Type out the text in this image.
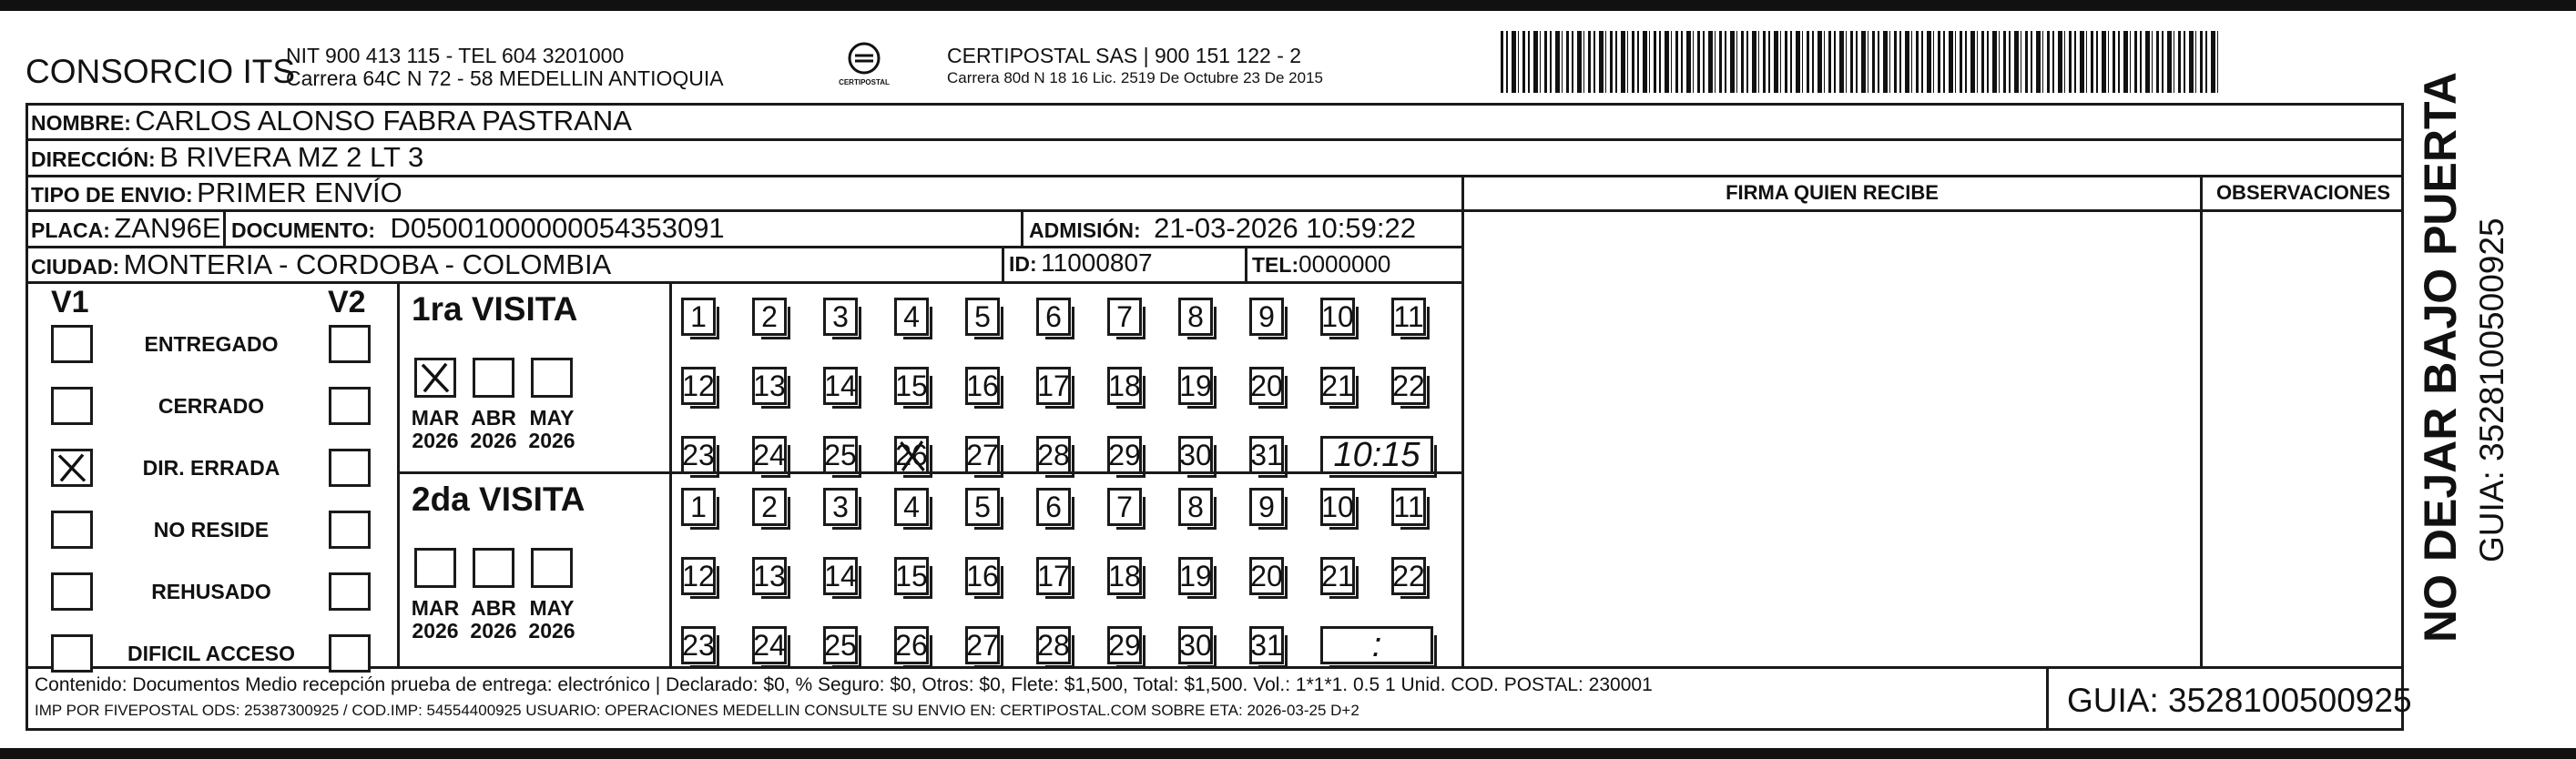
CONSORCIO ITS
NIT 900 413 115 - TEL 604 3201000
Carrera 64C N 72 - 58 MEDELLIN ANTIOQUIA	CERTIPOSTAL
CERTIPOSTAL SAS | 900 151 122 - 2
Carrera 80d N 18 16 Lic. 2519 De Octubre 23 De 2015
NOMBRE: CARLOS ALONSO FABRA PASTRANA
DIRECCIÓN: B RIVERA MZ 2 LT 3
TIPO DE ENVIO: PRIMER ENVÍO
PLACA: ZAN96E DOCUMENTO: D05001000000054353091	ADMISIÓN: 21-03-2026 10:59:22
CIUDAD: MONTERIA - CORDOBA - COLOMBIA	ID: 11000807	TEL:0000000
FIRMA QUIEN RECIBE	OBSERVACIONES
V1	V2
ENTREGADO
CERRADO
DIR. ERRADA
NO RESIDE
REHUSADO
DIFICIL ACCESO
1ra VISITA
MAR
2026
ABR
2026
MAY
2026
1	2	3	4	5	6	7	8	9	10 11
12 13 14 15 16 17 18 19 20 21 22
23 24 25 26 27 28 29 30 31	10:15
2da VISITA
MAR
2026
ABR
2026
MAY
2026
1	2	3	4	5	6	7	8	9	10 11
12 13 14 15 16 17 18 19 20 21 22
23 24 25 26 27 28 29 30 31	:
Contenido: Documentos Medio recepción prueba de entrega: electrónico | Declarado: $0, % Seguro: $0, Otros: $0, Flete: $1,500, Total: $1,500. Vol.: 1*1*1. 0.5 1 Unid. COD. POSTAL: 230001
IMP POR FIVEPOSTAL ODS: 25387300925 / COD.IMP: 54554400925 USUARIO: OPERACIONES MEDELLIN CONSULTE SU ENVIO EN: CERTIPOSTAL.COM SOBRE ETA: 2026-03-25 D+2	GUIA: 3528100500925
NO DEJAR BAJO PUERTA GUIA: 3528100500925
